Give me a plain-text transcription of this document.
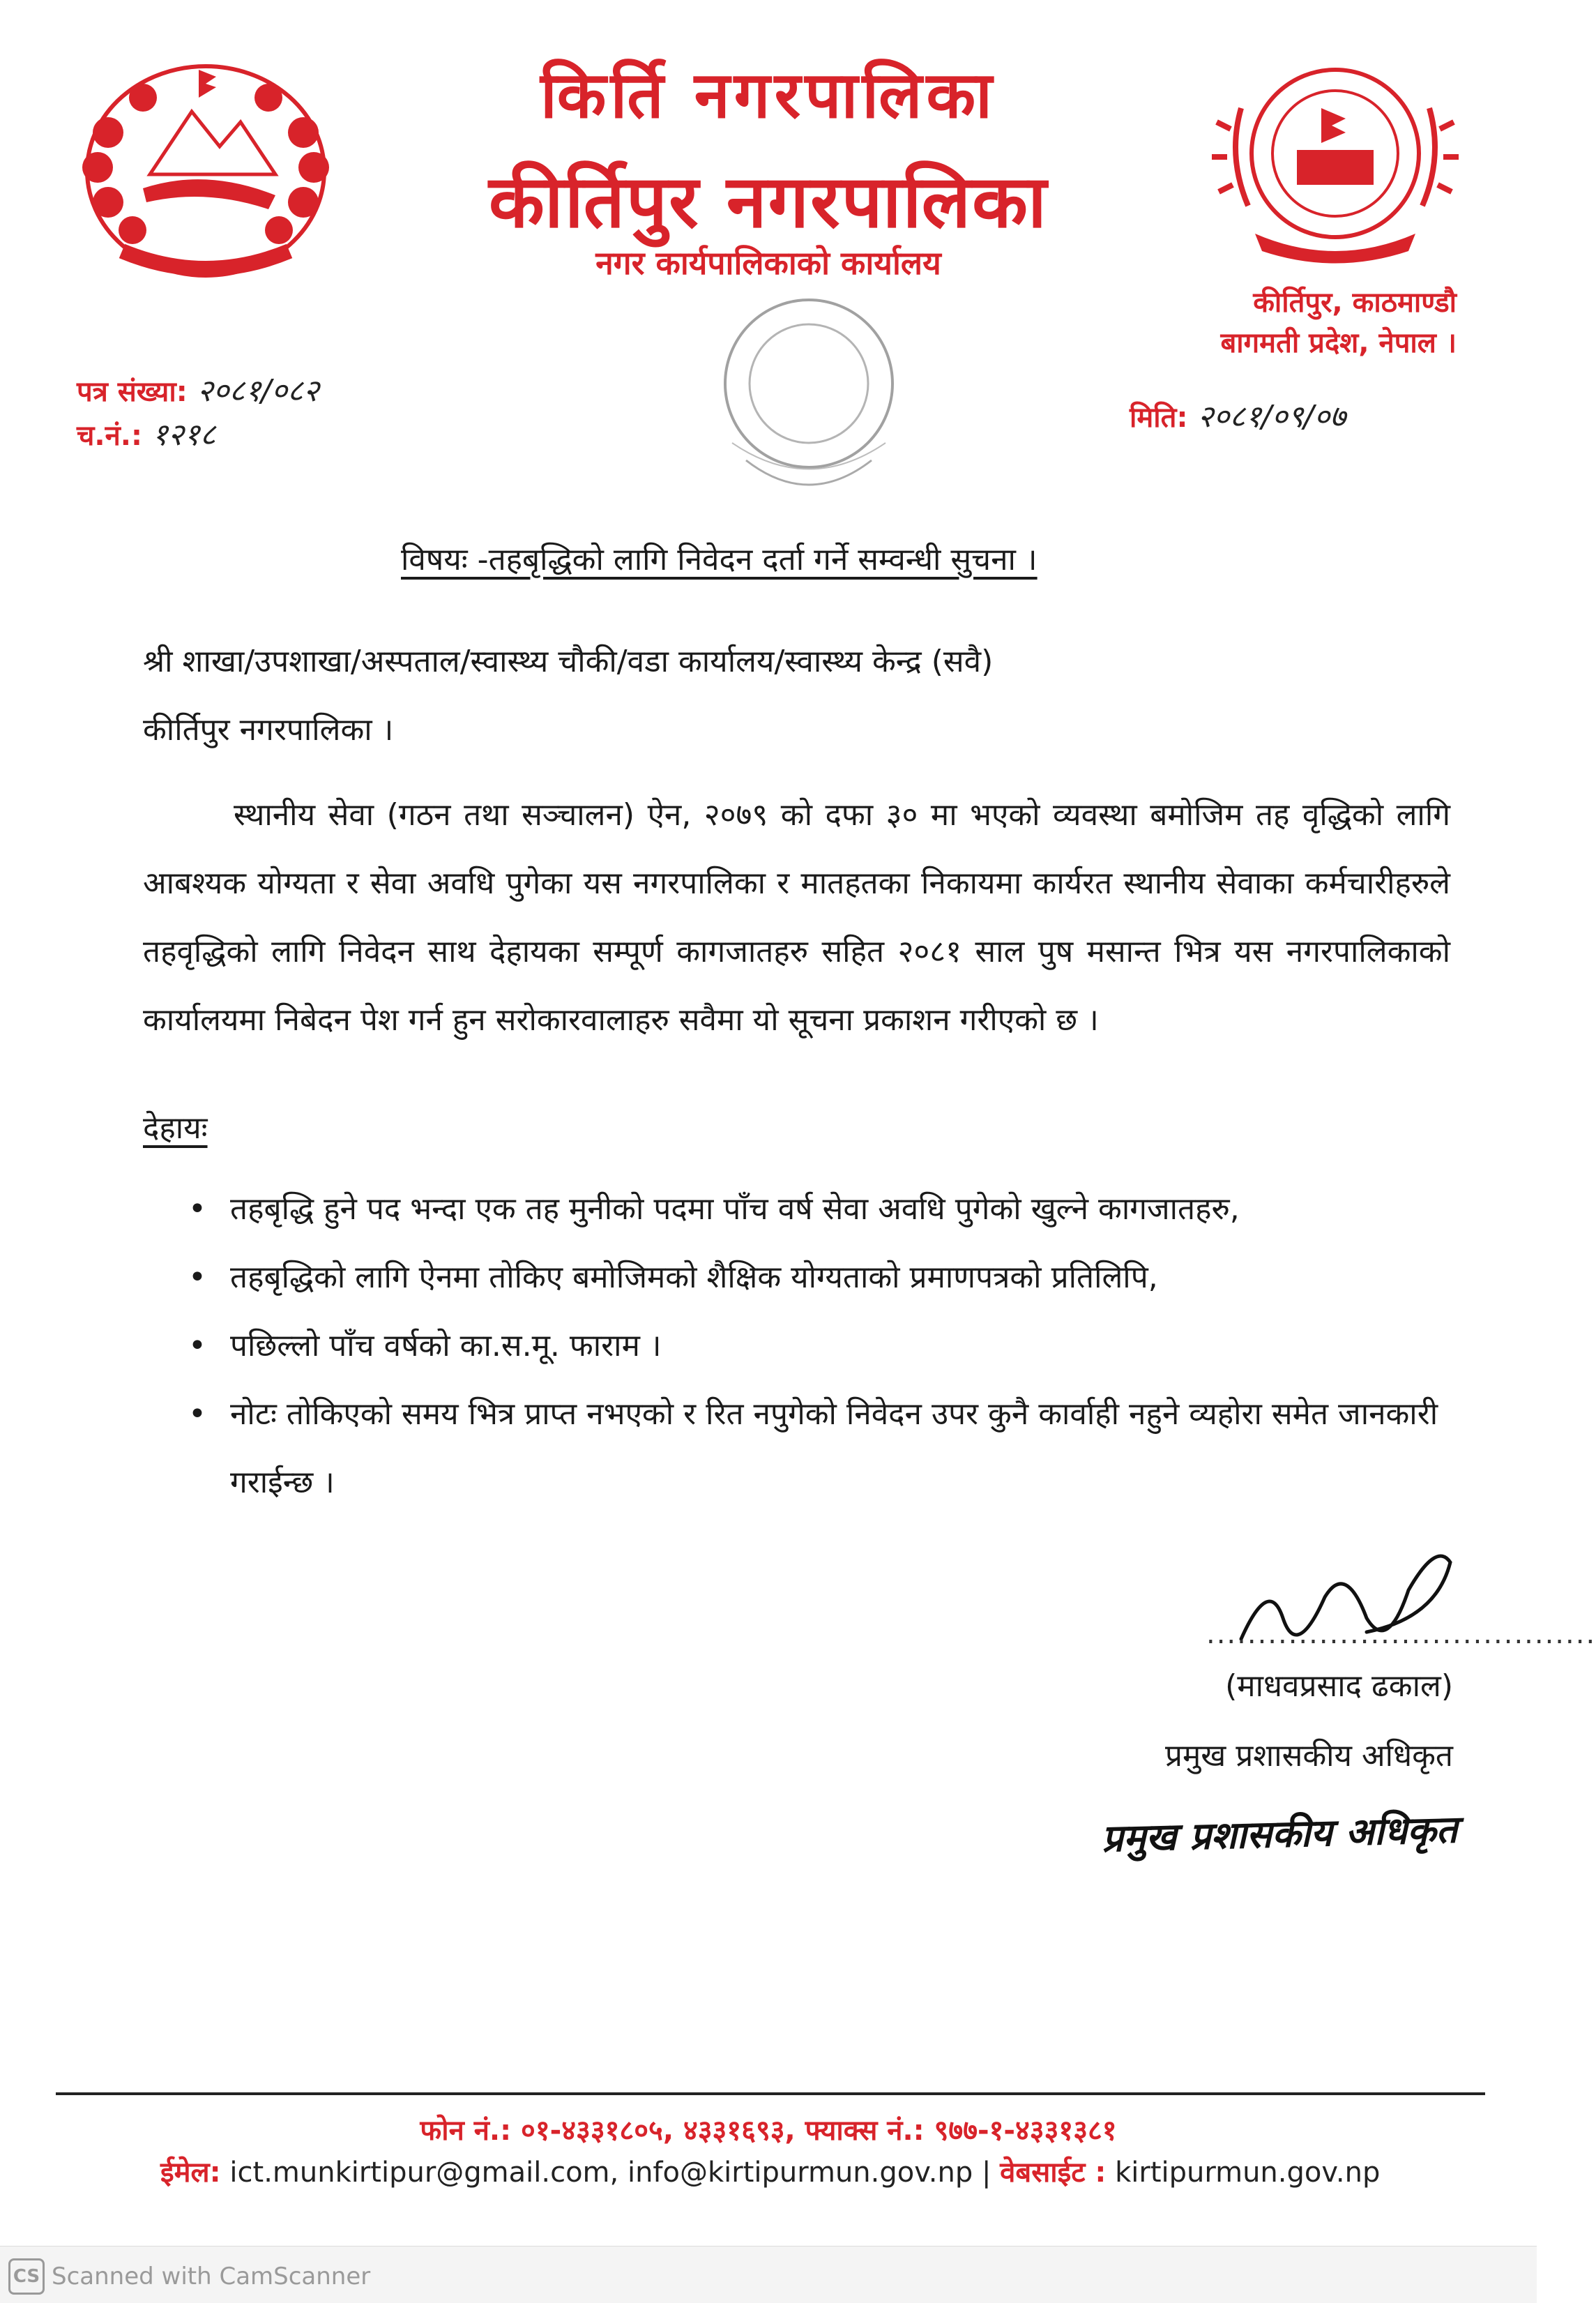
किर्ति नगरपालिका
कीर्तिपुर नगरपालिका
नगर कार्यपालिकाको कार्यालय
कीर्तिपुर, काठमाण्डौ
बागमती प्रदेश, नेपाल ।
पत्र संख्या: २०८१/०८२
च.नं.: १२१८	मिति: २०८१/०९/०७
विषयः -तहबृद्धिको लागि निवेदन दर्ता गर्ने सम्वन्धी सुचना ।
श्री शाखा/उपशाखा/अस्पताल/स्वास्थ्य चौकी/वडा कार्यालय/स्वास्थ्य केन्द्र (सवै)
कीर्तिपुर नगरपालिका ।
स्थानीय सेवा (गठन तथा सञ्चालन) ऐन, २०७९ को दफा ३० मा भएको व्यवस्था बमोजिम तह वृद्धिको लागि आबश्यक योग्यता र सेवा अवधि पुगेका यस नगरपालिका र मातहतका निकायमा कार्यरत स्थानीय सेवाका कर्मचारीहरुले तहवृद्धिको लागि निवेदन साथ देहायका सम्पूर्ण कागजातहरु सहित २०८१ साल पुष मसान्त भित्र यस नगरपालिकाको कार्यालयमा निबेदन पेश गर्न हुन सरोकारवालाहरु सवैमा यो सूचना प्रकाशन गरीएको छ ।
देहायः
• तहबृद्धि हुने पद भन्दा एक तह मुनीको पदमा पाँच वर्ष सेवा अवधि पुगेको खुल्ने कागजातहरु,
• तहबृद्धिको लागि ऐनमा तोकिए बमोजिमको शैक्षिक योग्यताको प्रमाणपत्रको प्रतिलिपि,
• पछिल्लो पाँच वर्षको का.स.मू. फाराम ।
• नोटः तोकिएको समय भित्र प्राप्त नभएको र रित नपुगेको निवेदन उपर कुनै कार्वाही नहुने व्यहोरा समेत जानकारी गराईन्छ ।
......................................
(माधवप्रसाद ढकाल)
प्रमुख प्रशासकीय अधिकृत
प्रमुख प्रशासकीय अधिकृत
फोन नं.: ०१-४३३१८०५, ४३३१६९३, फ्याक्स नं.: ९७७-१-४३३१३८१
ईमेल: ict.munkirtipur@gmail.com, info@kirtipurmun.gov.np | वेबसाईट : kirtipurmun.gov.np
CS Scanned with CamScanner
